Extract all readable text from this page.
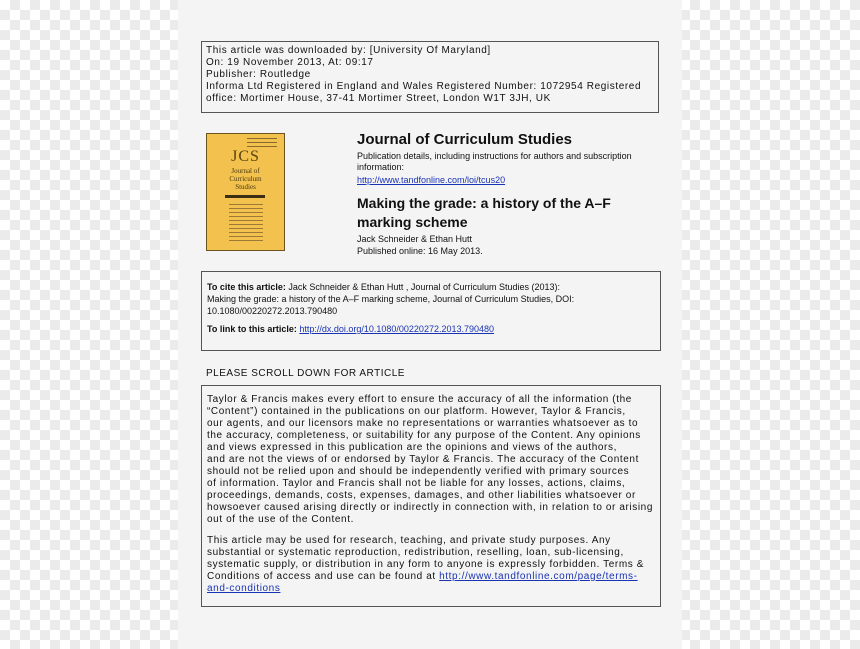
This article was downloaded by: [University Of Maryland]
On: 19 November 2013, At: 09:17
Publisher: Routledge
Informa Ltd Registered in England and Wales Registered Number: 1072954 Registered
office: Mortimer House, 37-41 Mortimer Street, London W1T 3JH, UK
JCS
Journal of
Curriculum
Studies
Journal of Curriculum Studies
Publication details, including instructions for authors and subscription information:
http://www.tandfonline.com/loi/tcus20
Making the grade: a history of the A–F marking scheme
Jack Schneider & Ethan Hutt
Published online: 16 May 2013.
To cite this article: Jack Schneider & Ethan Hutt , Journal of Curriculum Studies (2013):
Making the grade: a history of the A–F marking scheme, Journal of Curriculum Studies, DOI:
10.1080/00220272.2013.790480
To link to this article: http://dx.doi.org/10.1080/00220272.2013.790480
PLEASE SCROLL DOWN FOR ARTICLE
Taylor & Francis makes every effort to ensure the accuracy of all the information (the
“Content”) contained in the publications on our platform. However, Taylor & Francis,
our agents, and our licensors make no representations or warranties whatsoever as to
the accuracy, completeness, or suitability for any purpose of the Content. Any opinions
and views expressed in this publication are the opinions and views of the authors,
and are not the views of or endorsed by Taylor & Francis. The accuracy of the Content
should not be relied upon and should be independently verified with primary sources
of information. Taylor and Francis shall not be liable for any losses, actions, claims,
proceedings, demands, costs, expenses, damages, and other liabilities whatsoever or
howsoever caused arising directly or indirectly in connection with, in relation to or arising
out of the use of the Content.
This article may be used for research, teaching, and private study purposes. Any
substantial or systematic reproduction, redistribution, reselling, loan, sub-licensing,
systematic supply, or distribution in any form to anyone is expressly forbidden. Terms &
Conditions of access and use can be found at http://www.tandfonline.com/page/terms-
and-conditions
